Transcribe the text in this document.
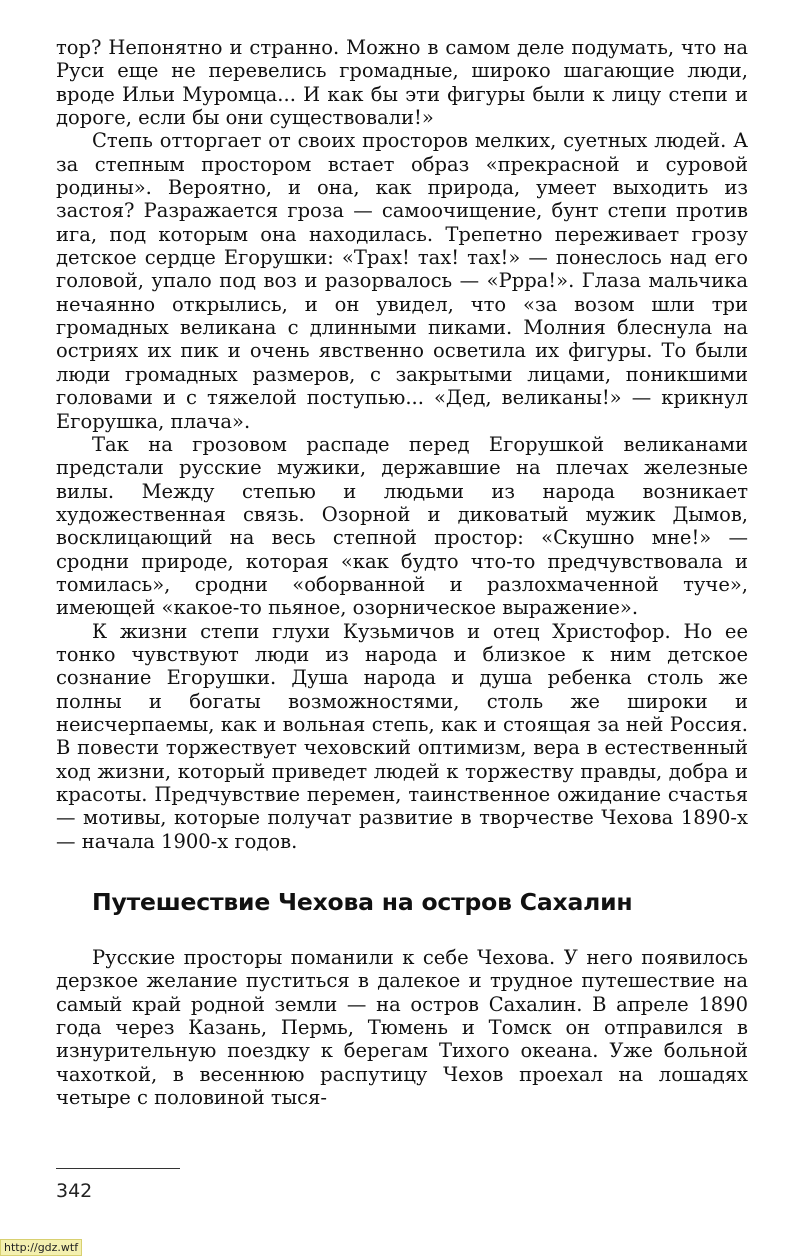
тор? Непонятно и странно. Можно в самом деле подумать, что на Руси еще не перевелись громадные, широко шагающие люди, вроде Ильи Муромца... И как бы эти фигуры были к лицу степи и дороге, если бы они существовали!»

Степь отторгает от своих просторов мелких, суетных людей. А за степным простором встает образ «прекрасной и суровой родины». Вероятно, и она, как природа, умеет выходить из застоя? Разражается гроза — самоочищение, бунт степи против ига, под которым она находилась. Трепетно переживает грозу детское сердце Егорушки: «Трах! тах! тах!» — понеслось над его головой, упало под воз и разорвалось — «Ррра!». Глаза мальчика нечаянно открылись, и он увидел, что «за возом шли три громадных великана с длинными пиками. Молния блеснула на остриях их пик и очень явственно осветила их фигуры. То были люди громадных размеров, с закрытыми лицами, поникшими головами и с тяжелой поступью... «Дед, великаны!» — крикнул Егорушка, плача».

Так на грозовом распаде перед Егорушкой великанами предстали русские мужики, державшие на плечах железные вилы. Между степью и людьми из народа возникает художественная связь. Озорной и диковатый мужик Дымов, восклицающий на весь степной простор: «Скушно мне!» — сродни природе, которая «как будто что-то предчувствовала и томилась», сродни «оборванной и разлохмаченной туче», имеющей «какое-то пьяное, озорническое выражение».

К жизни степи глухи Кузьмичов и отец Христофор. Но ее тонко чувствуют люди из народа и близкое к ним детское сознание Егорушки. Душа народа и душа ребенка столь же полны и богаты возможностями, столь же широки и неисчерпаемы, как и вольная степь, как и стоящая за ней Россия. В повести торжествует чеховский оптимизм, вера в естественный ход жизни, который приведет людей к торжеству правды, добра и красоты. Предчувствие перемен, таинственное ожидание счастья — мотивы, которые получат развитие в творчестве Чехова 1890-х — начала 1900-х годов.

Путешествие Чехова на остров Сахалин

Русские просторы поманили к себе Чехова. У него появилось дерзкое желание пуститься в далекое и трудное путешествие на самый край родной земли — на остров Сахалин. В апреле 1890 года через Казань, Пермь, Тюмень и Томск он отправился в изнурительную поездку к берегам Тихого океана. Уже больной чахоткой, в весеннюю распутицу Чехов проехал на лошадях четыре с половиной тыся-

342
http://gdz.wtf
